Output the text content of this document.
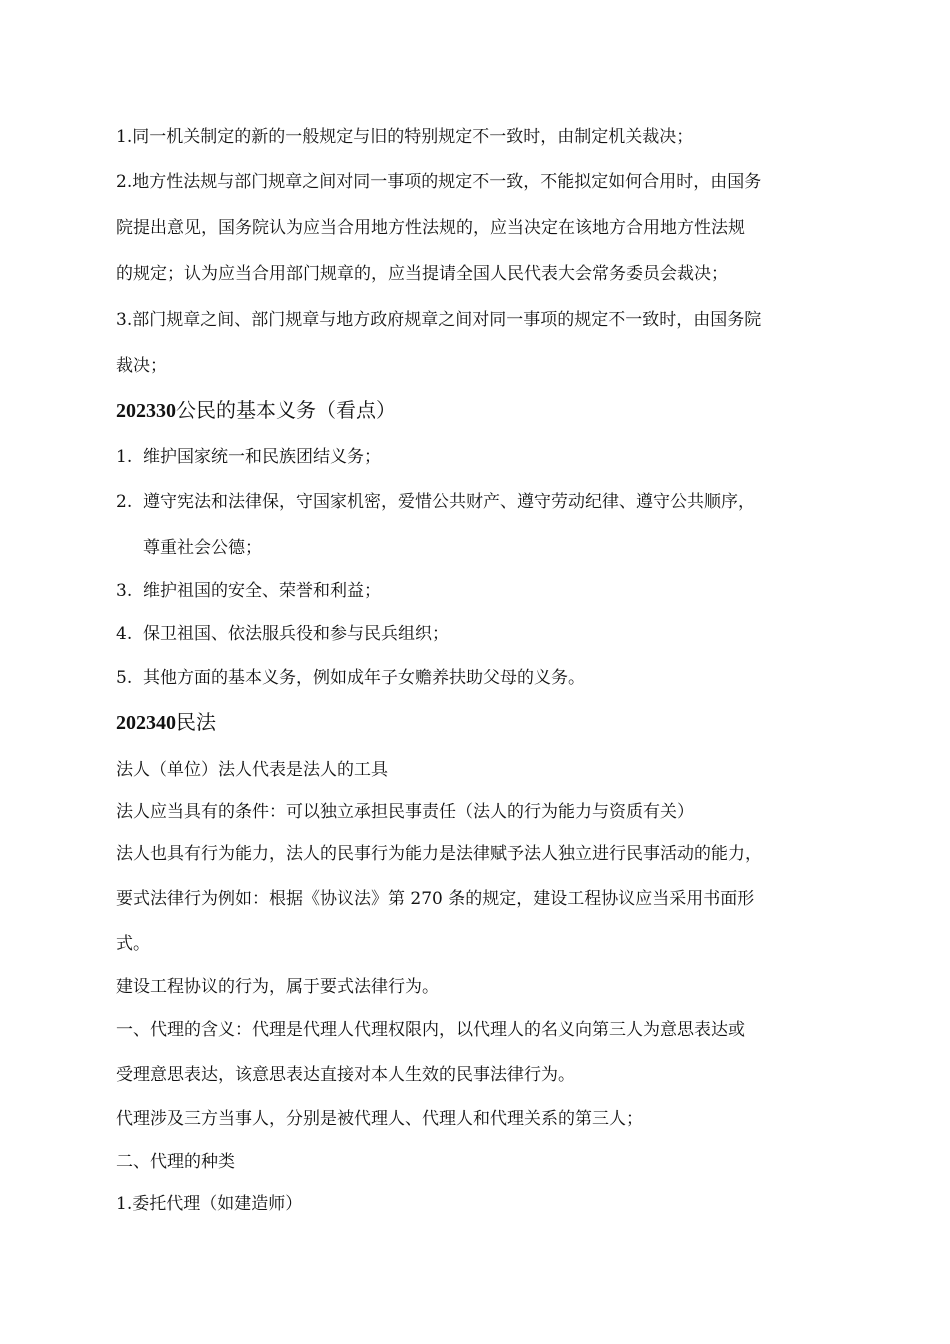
1.同一机关制定的新的一般规定与旧的特别规定不一致时，由制定机关裁决；
2.地方性法规与部门规章之间对同一事项的规定不一致，不能拟定如何合用时，由国务
院提出意见，国务院认为应当合用地方性法规的，应当决定在该地方合用地方性法规
的规定；认为应当合用部门规章的，应当提请全国人民代表大会常务委员会裁决；
3.部门规章之间、部门规章与地方政府规章之间对同一事项的规定不一致时，由国务院
裁决；
202330公民的基本义务（看点）
1. 维护国家统一和民族团结义务；
2. 遵守宪法和法律保，守国家机密，爱惜公共财产、遵守劳动纪律、遵守公共顺序，
尊重社会公德；
3. 维护祖国的安全、荣誉和利益；
4. 保卫祖国、依法服兵役和参与民兵组织；
5. 其他方面的基本义务，例如成年子女赡养扶助父母的义务。
202340民法
法人（单位）法人代表是法人的工具
法人应当具有的条件：可以独立承担民事责任（法人的行为能力与资质有关）
法人也具有行为能力，法人的民事行为能力是法律赋予法人独立进行民事活动的能力，
要式法律行为例如：根据《协议法》第 270 条的规定，建设工程协议应当采用书面形
式。
建设工程协议的行为，属于要式法律行为。
一、代理的含义：代理是代理人代理权限内，以代理人的名义向第三人为意思表达或
受理意思表达，该意思表达直接对本人生效的民事法律行为。
代理涉及三方当事人，分别是被代理人、代理人和代理关系的第三人；
二、代理的种类
1.委托代理（如建造师）
